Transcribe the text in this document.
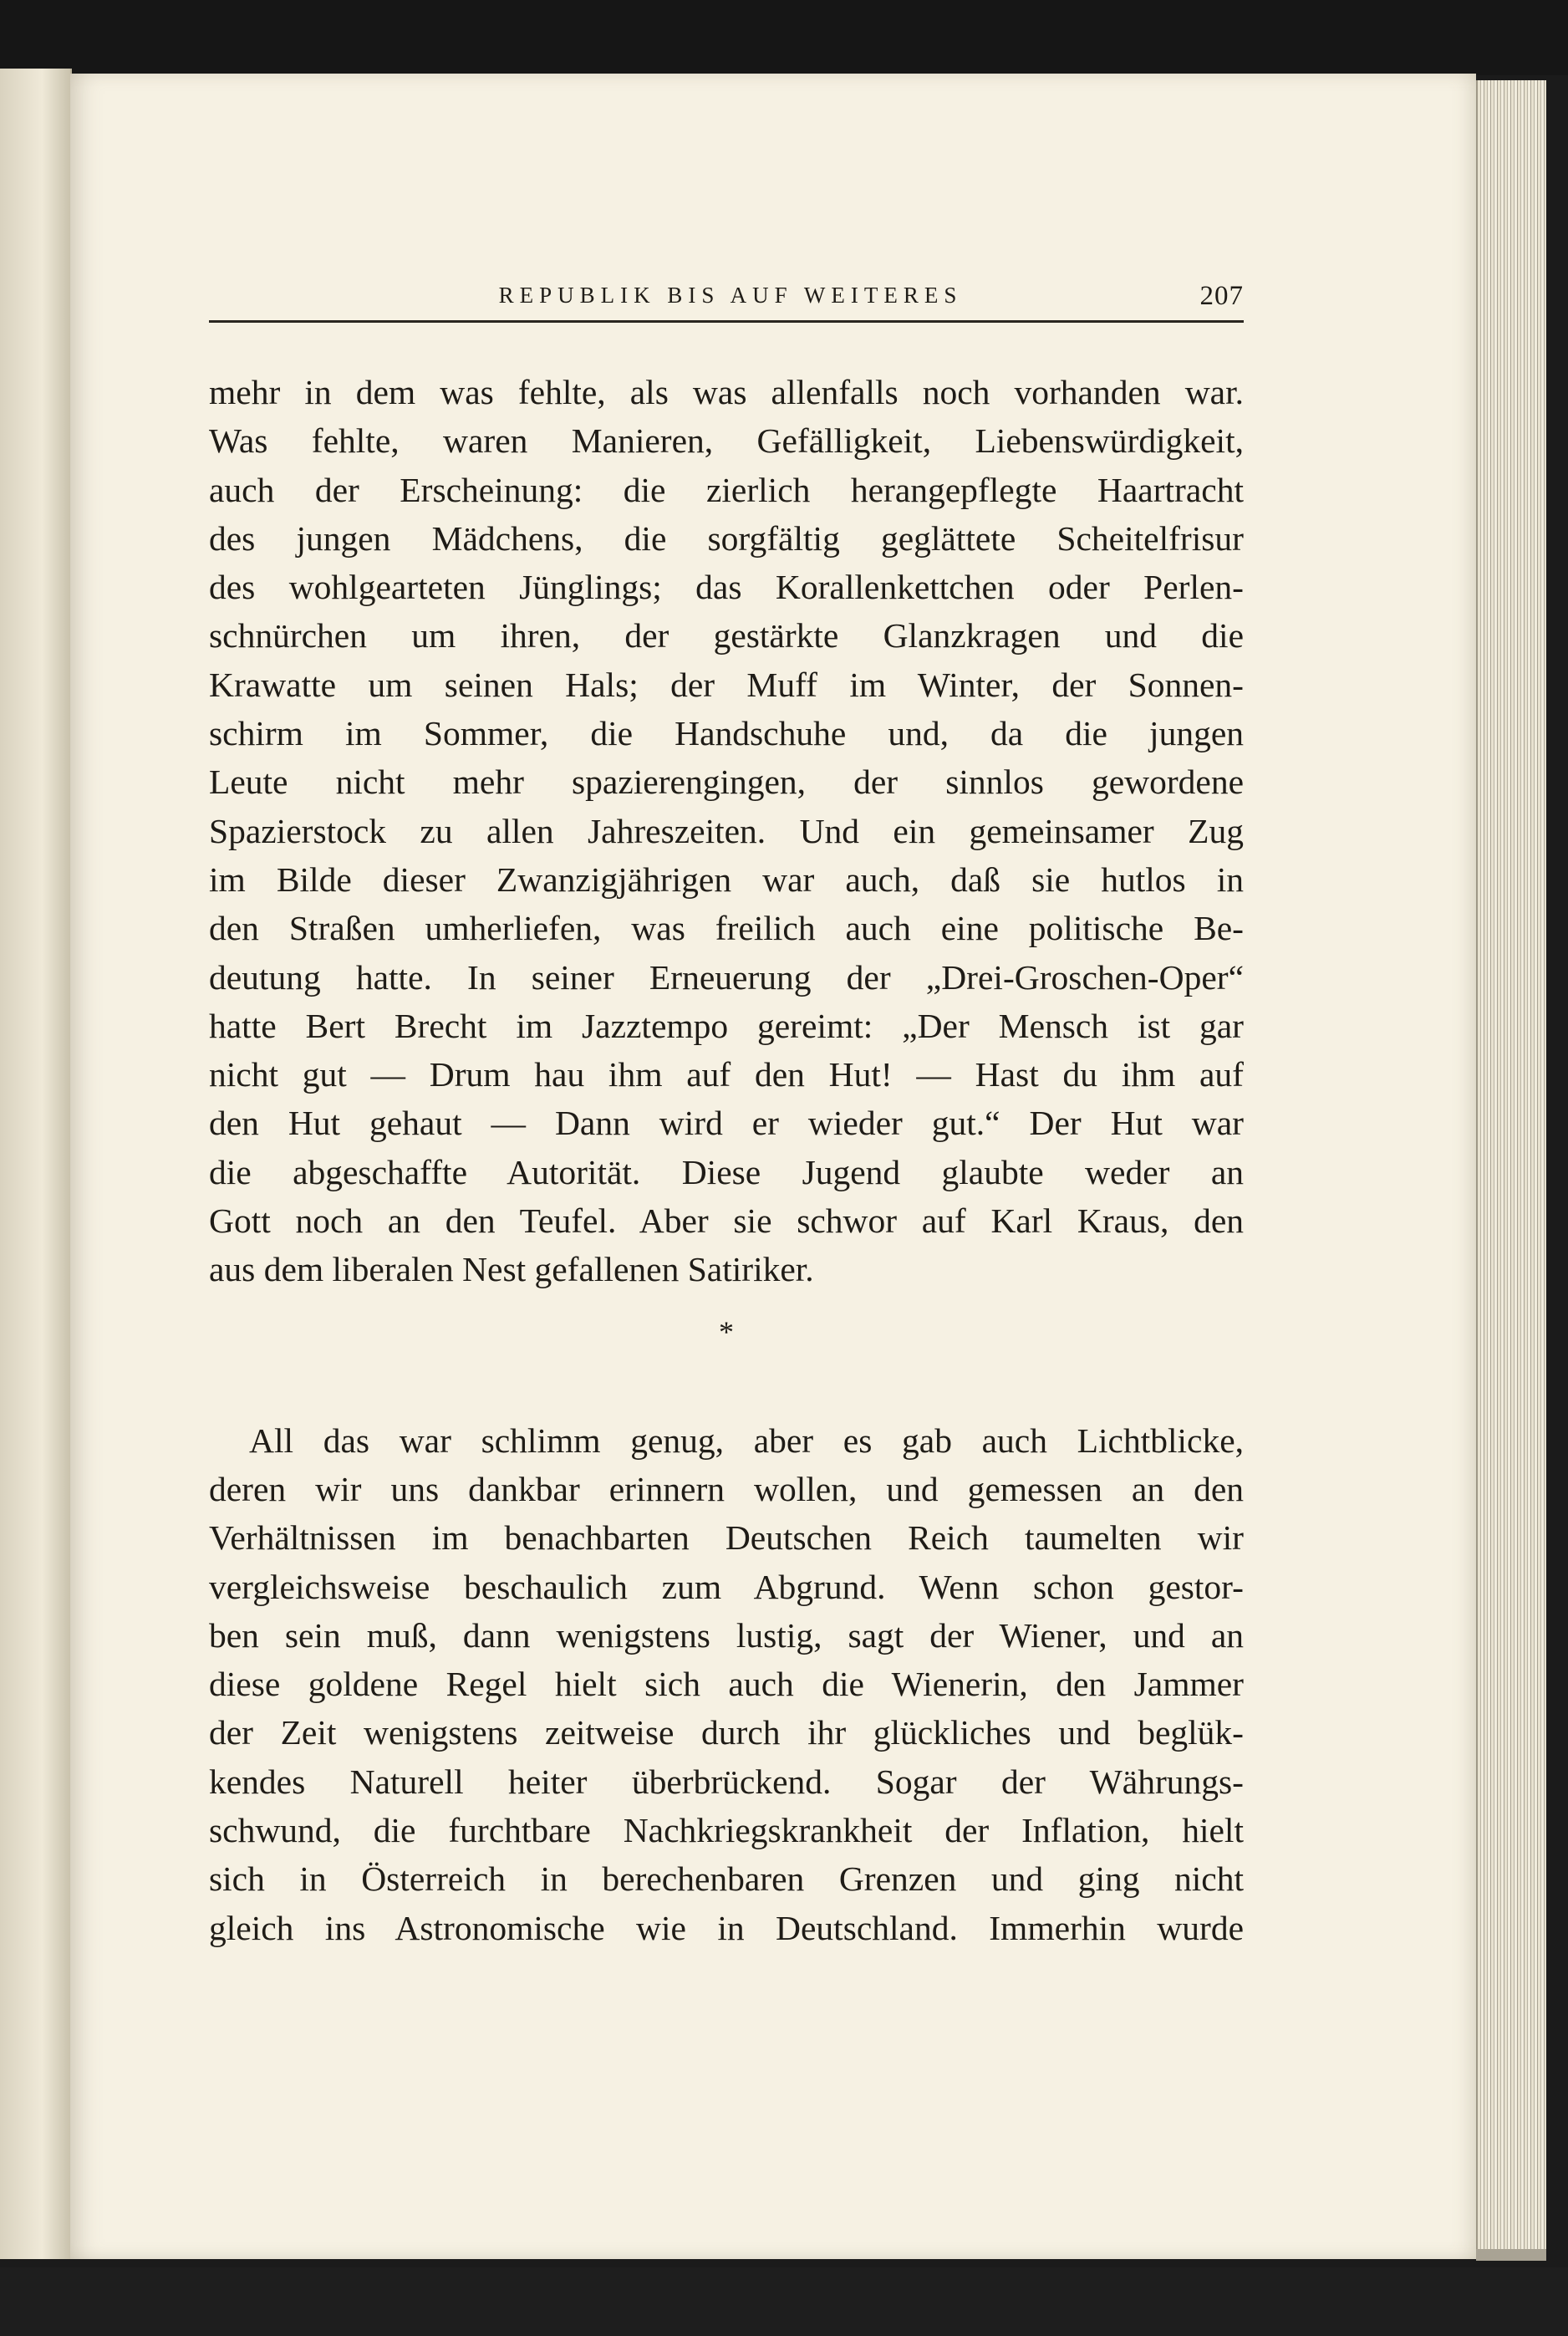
REPUBLIK BIS AUF WEITERES	207
mehr in dem was fehlte, als was allenfalls noch vorhanden war.
Was fehlte, waren Manieren, Gefälligkeit, Liebenswürdigkeit,
auch der Erscheinung: die zierlich herangepflegte Haartracht
des jungen Mädchens, die sorgfältig geglättete Scheitelfrisur
des wohlgearteten Jünglings; das Korallenkettchen oder Perlen-
schnürchen um ihren, der gestärkte Glanzkragen und die
Krawatte um seinen Hals; der Muff im Winter, der Sonnen-
schirm im Sommer, die Handschuhe und, da die jungen
Leute nicht mehr spazierengingen, der sinnlos gewordene
Spazierstock zu allen Jahreszeiten. Und ein gemeinsamer Zug
im Bilde dieser Zwanzigjährigen war auch, daß sie hutlos in
den Straßen umherliefen, was freilich auch eine politische Be-
deutung hatte. In seiner Erneuerung der „Drei-Groschen-Oper“
hatte Bert Brecht im Jazztempo gereimt: „Der Mensch ist gar
nicht gut — Drum hau ihm auf den Hut! — Hast du ihm auf
den Hut gehaut — Dann wird er wieder gut.“ Der Hut war
die abgeschaffte Autorität. Diese Jugend glaubte weder an
Gott noch an den Teufel. Aber sie schwor auf Karl Kraus, den
aus dem liberalen Nest gefallenen Satiriker.
*
All das war schlimm genug, aber es gab auch Lichtblicke,
deren wir uns dankbar erinnern wollen, und gemessen an den
Verhältnissen im benachbarten Deutschen Reich taumelten wir
vergleichsweise beschaulich zum Abgrund. Wenn schon gestor-
ben sein muß, dann wenigstens lustig, sagt der Wiener, und an
diese goldene Regel hielt sich auch die Wienerin, den Jammer
der Zeit wenigstens zeitweise durch ihr glückliches und beglük-
kendes Naturell heiter überbrückend. Sogar der Währungs-
schwund, die furchtbare Nachkriegskrankheit der Inflation, hielt
sich in Österreich in berechenbaren Grenzen und ging nicht
gleich ins Astronomische wie in Deutschland. Immerhin wurde
